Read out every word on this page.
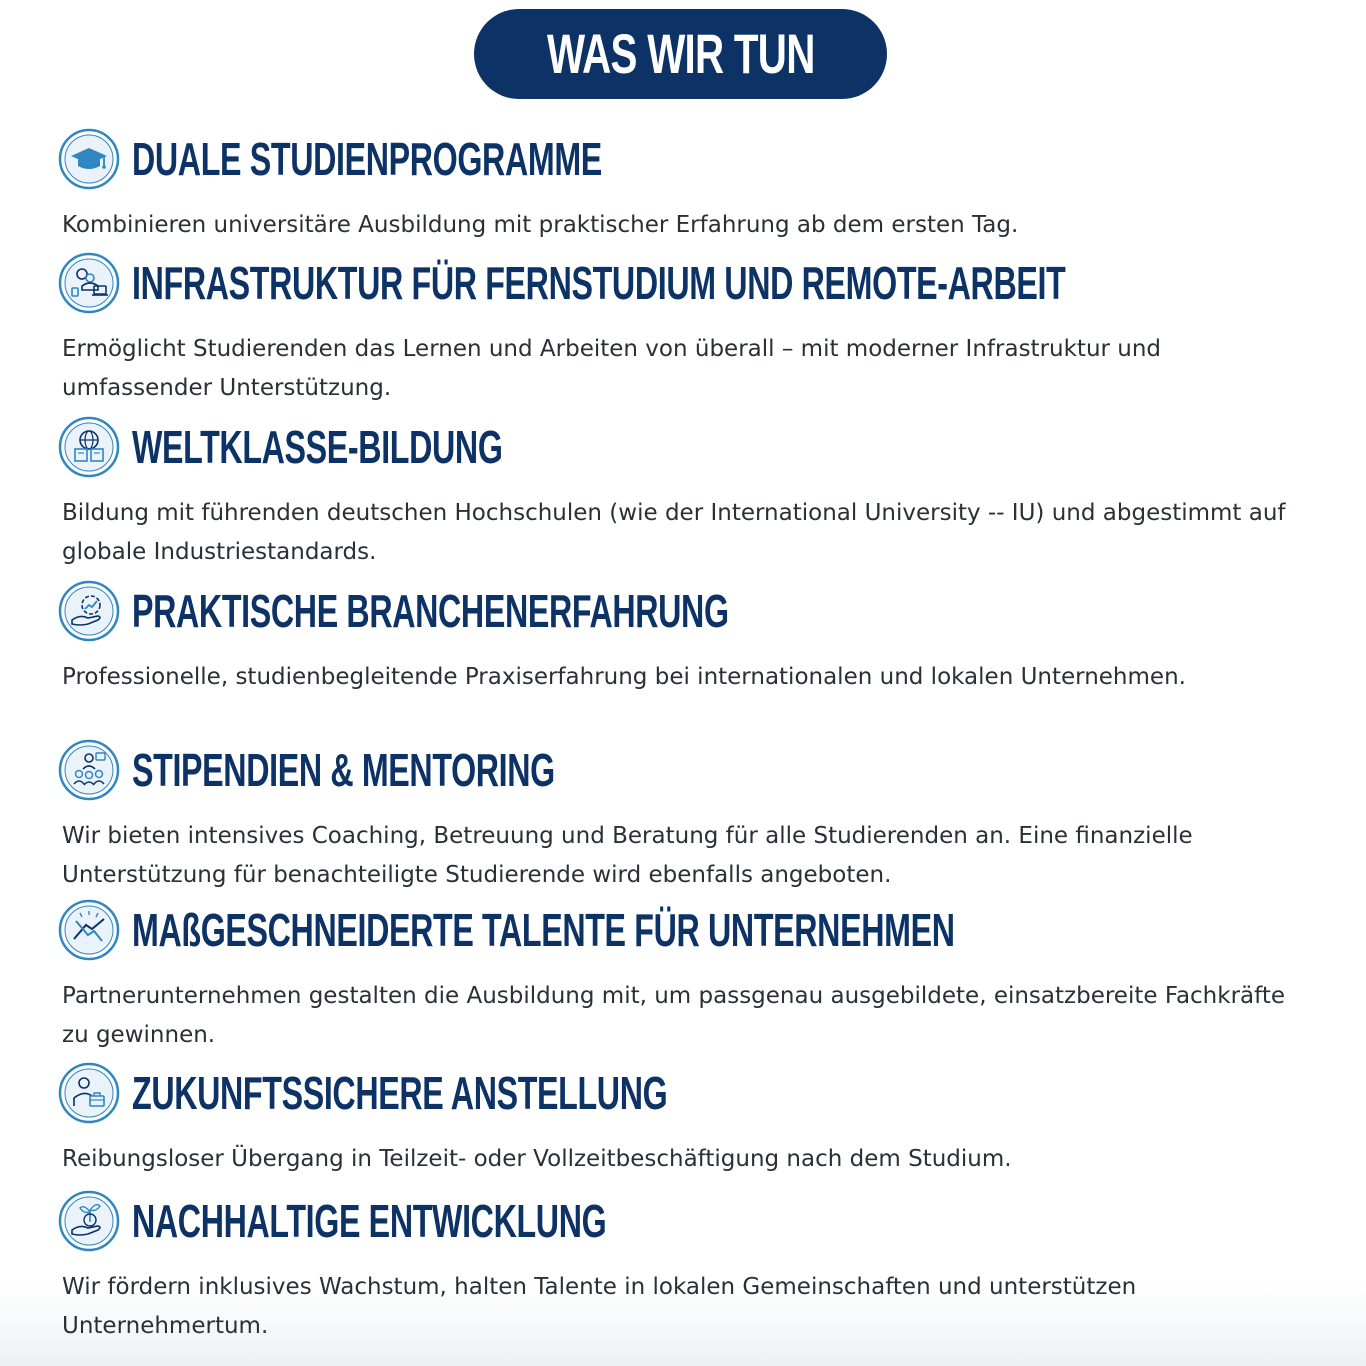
WAS WIR TUN
DUALE STUDIENPROGRAMME
Kombinieren universitäre Ausbildung mit praktischer Erfahrung ab dem ersten Tag.
INFRASTRUKTUR FÜR FERNSTUDIUM UND REMOTE-ARBEIT
Ermöglicht Studierenden das Lernen und Arbeiten von überall – mit moderner Infrastruktur und umfassender Unterstützung.
WELTKLASSE-BILDUNG
Bildung mit führenden deutschen Hochschulen (wie der International University -- IU) und abgestimmt auf globale Industriestandards.
PRAKTISCHE BRANCHENERFAHRUNG
Professionelle, studienbegleitende Praxiserfahrung bei internationalen und lokalen Unternehmen.
STIPENDIEN & MENTORING
Wir bieten intensives Coaching, Betreuung und Beratung für alle Studierenden an. Eine finanzielle Unterstützung für benachteiligte Studierende wird ebenfalls angeboten.
MAßGESCHNEIDERTE TALENTE FÜR UNTERNEHMEN
Partnerunternehmen gestalten die Ausbildung mit, um passgenau ausgebildete, einsatzbereite Fachkräfte zu gewinnen.
ZUKUNFTSSICHERE ANSTELLUNG
Reibungsloser Übergang in Teilzeit- oder Vollzeitbeschäftigung nach dem Studium.
NACHHALTIGE ENTWICKLUNG
Wir fördern inklusives Wachstum, halten Talente in lokalen Gemeinschaften und unterstützen Unternehmertum.
